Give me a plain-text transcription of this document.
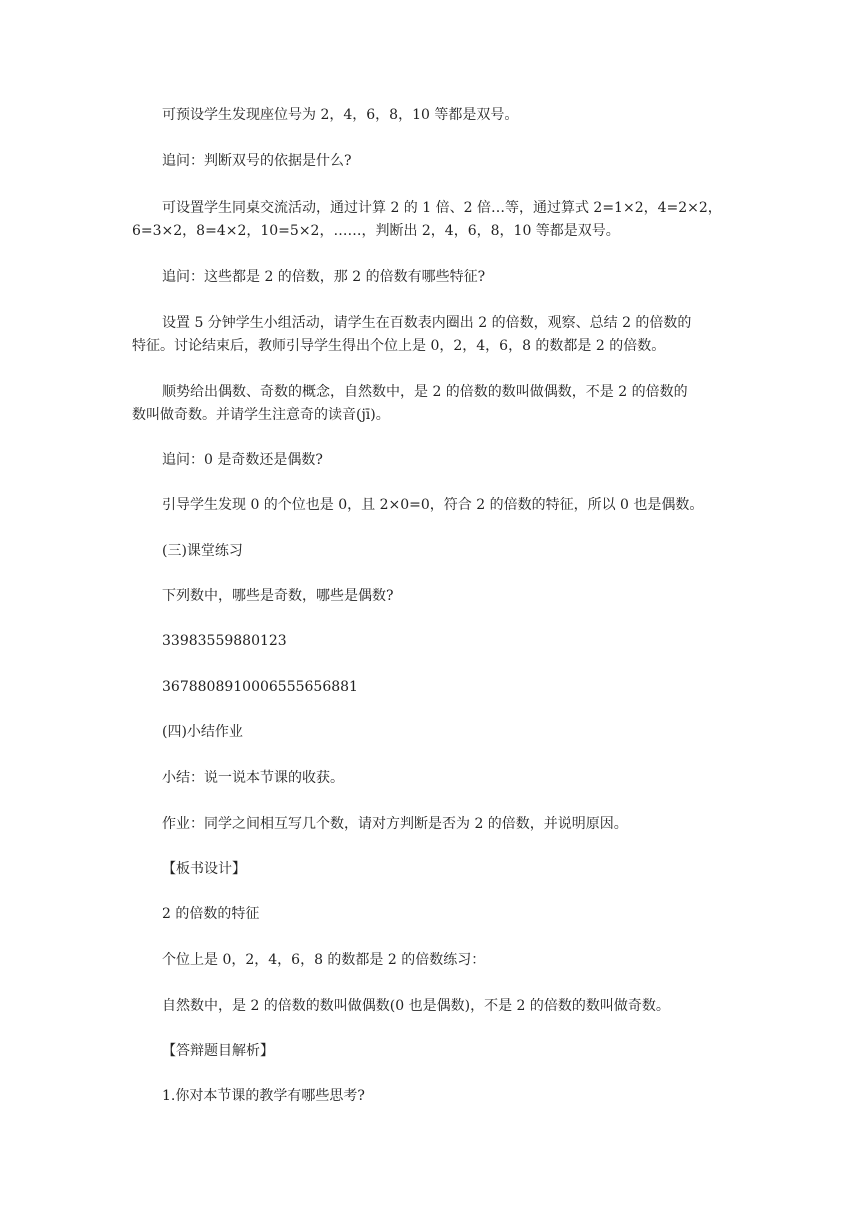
可预设学生发现座位号为 2，4，6，8，10 等都是双号。
追问：判断双号的依据是什么?
可设置学生同桌交流活动，通过计算 2 的 1 倍、2 倍…等，通过算式 2=1×2，4=2×2，
6=3×2，8=4×2，10=5×2，……，判断出 2，4，6，8，10 等都是双号。
追问：这些都是 2 的倍数，那 2 的倍数有哪些特征?
设置 5 分钟学生小组活动，请学生在百数表内圈出 2 的倍数，观察、总结 2 的倍数的
特征。讨论结束后，教师引导学生得出个位上是 0，2，4，6，8 的数都是 2 的倍数。
顺势给出偶数、奇数的概念，自然数中，是 2 的倍数的数叫做偶数，不是 2 的倍数的
数叫做奇数。并请学生注意奇的读音(jī)。
追问：0 是奇数还是偶数?
引导学生发现 0 的个位也是 0，且 2×0=0，符合 2 的倍数的特征，所以 0 也是偶数。
(三)课堂练习
下列数中，哪些是奇数，哪些是偶数?
33983559880123
36788089100065556568​81
(四)小结作业
小结：说一说本节课的收获。
作业：同学之间相互写几个数，请对方判断是否为 2 的倍数，并说明原因。
【板书设计】
2 的倍数的特征
个位上是 0，2，4，6，8 的数都是 2 的倍数练习：
自然数中，是 2 的倍数的数叫做偶数(0 也是偶数)，不是 2 的倍数的数叫做奇数。
【答辩题目解析】
1.你对本节课的教学有哪些思考?
